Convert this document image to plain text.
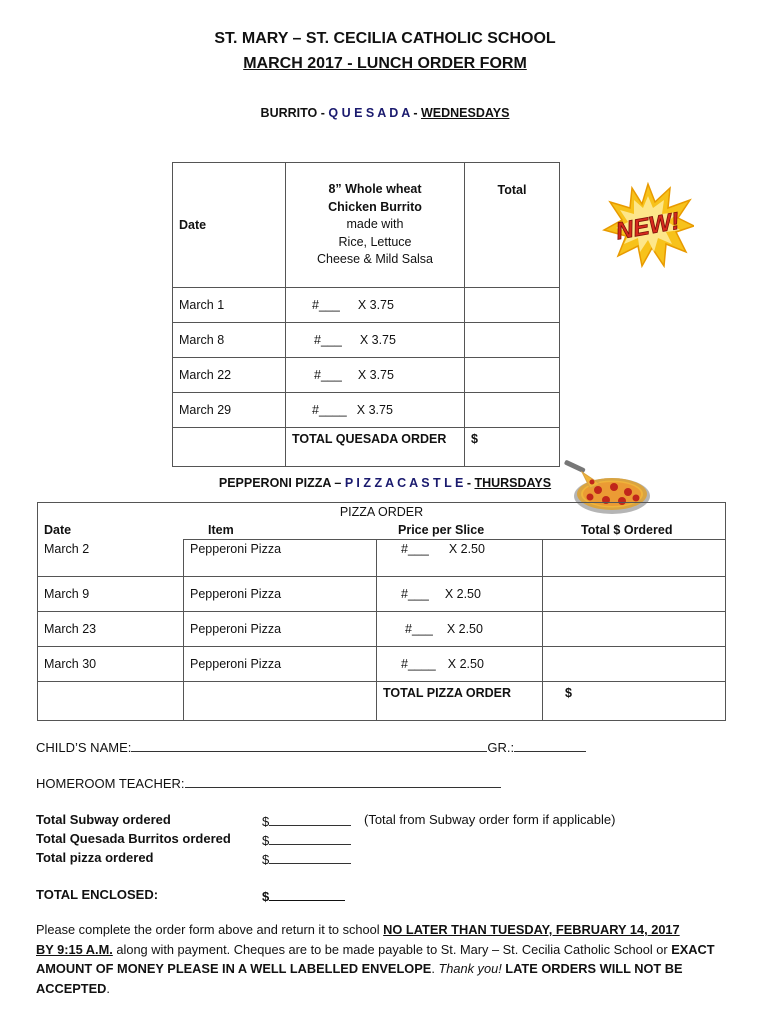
ST. MARY – ST. CECILIA CATHOLIC SCHOOL
MARCH 2017 - LUNCH ORDER FORM
BURRITO - Q U E S A D A - WEDNESDAYS
Date	8” Whole wheat
Chicken Burrito
made with
Rice, Lettuce
Cheese & Mild Salsa	Total
March 1	#___ X 3.75	
March 8	#___ X 3.75	
March 22	#___ X 3.75	
March 29	#____ X 3.75	
	TOTAL QUESADA ORDER	$
NEW!
PEPPERONI PIZZA – P I Z Z A C A S T L E - THURSDAYS
PIZZA ORDER
Date Item Price per Slice Total $ Ordered			

March 2	Pepperoni Pizza	#___ X 2.50	
March 9	Pepperoni Pizza	#___ X 2.50	
March 23	Pepperoni Pizza	#___ X 2.50	
March 30	Pepperoni Pizza	#____ X 2.50	
		TOTAL PIZZA ORDER	$
CHILD’S NAME:	GR.:
HOMEROOM TEACHER:
Total Subway ordered	$	(Total from Subway order form if applicable)
Total Quesada Burritos ordered $
Total pizza ordered	$
TOTAL ENCLOSED:	$
Please complete the order form above and return it to school NO LATER THAN TUESDAY, FEBRUARY 14, 2017
BY 9:15 A.M. along with payment. Cheques are to be made payable to St. Mary – St. Cecilia Catholic School or EXACT AMOUNT OF MONEY PLEASE IN A WELL LABELLED ENVELOPE. Thank you! LATE ORDERS WILL NOT BE ACCEPTED.
